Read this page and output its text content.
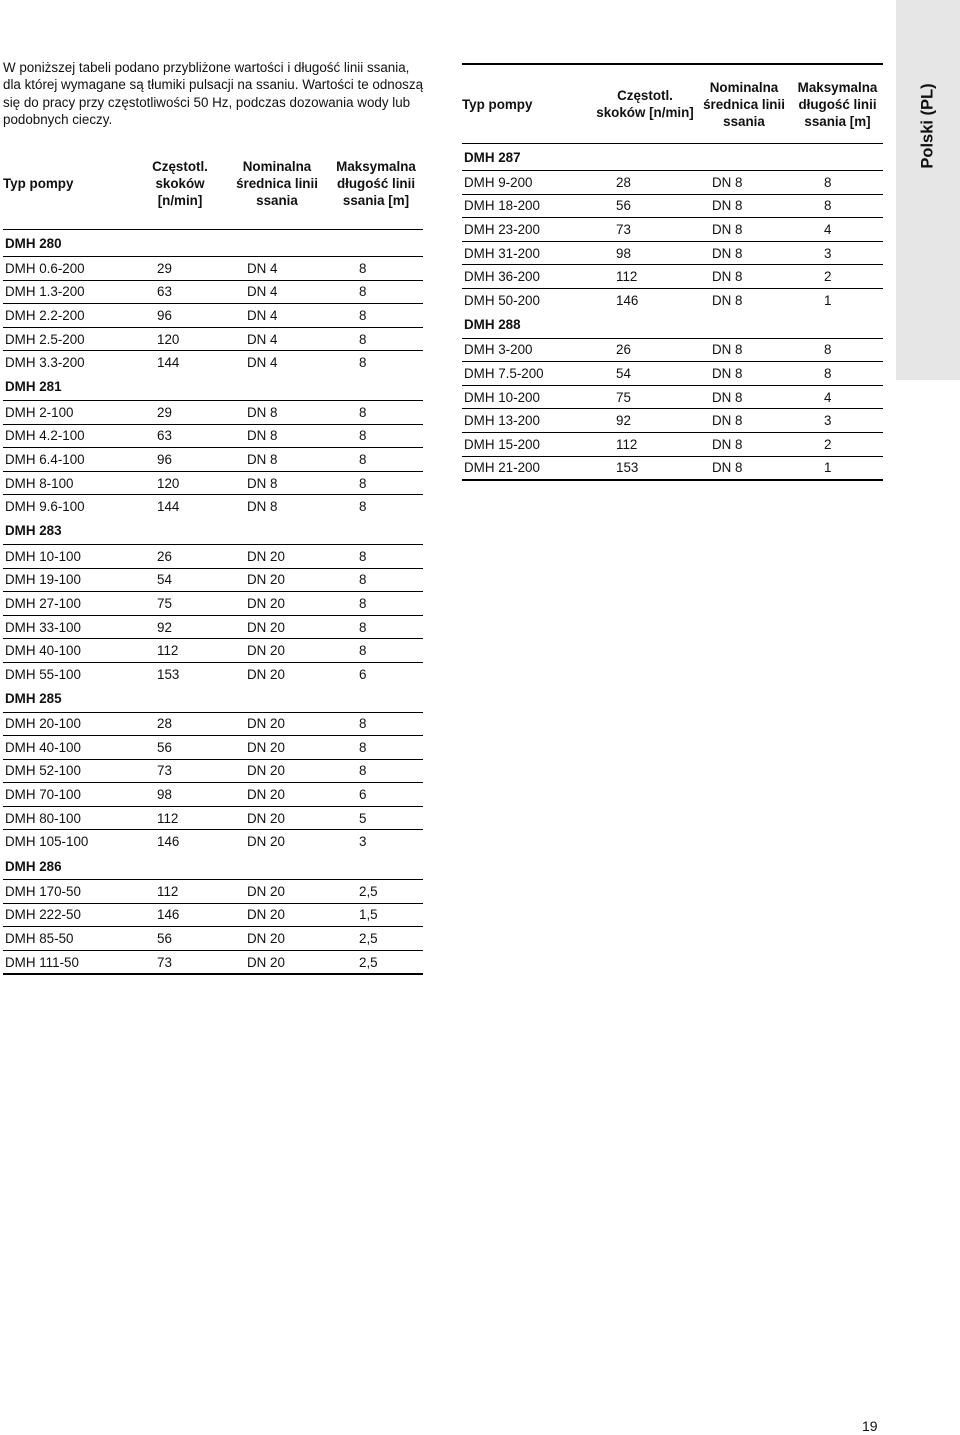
W poniższej tabeli podano przybliżone wartości i długość linii ssania, dla której wymagane są tłumiki pulsacji na ssaniu. Wartości te odnoszą się do pracy przy częstotliwości 50 Hz, podczas dozowania wody lub podobnych cieczy.
Typ pompy	Częstotl. skoków [n/min]	Nominalna średnica linii ssania	Maksymalna długość linii ssania [m]
DMH 280			
DMH 0.6-200	29	DN 4	8
DMH 1.3-200	63	DN 4	8
DMH 2.2-200	96	DN 4	8
DMH 2.5-200	120	DN 4	8
DMH 3.3-200	144	DN 4	8
DMH 281			
DMH 2-100	29	DN 8	8
DMH 4.2-100	63	DN 8	8
DMH 6.4-100	96	DN 8	8
DMH 8-100	120	DN 8	8
DMH 9.6-100	144	DN 8	8
DMH 283			
DMH 10-100	26	DN 20	8
DMH 19-100	54	DN 20	8
DMH 27-100	75	DN 20	8
DMH 33-100	92	DN 20	8
DMH 40-100	112	DN 20	8
DMH 55-100	153	DN 20	6
DMH 285			
DMH 20-100	28	DN 20	8
DMH 40-100	56	DN 20	8
DMH 52-100	73	DN 20	8
DMH 70-100	98	DN 20	6
DMH 80-100	112	DN 20	5
DMH 105-100	146	DN 20	3
DMH 286			
DMH 170-50	112	DN 20	2,5
DMH 222-50	146	DN 20	1,5
DMH 85-50	56	DN 20	2,5
DMH 111-50	73	DN 20	2,5
Typ pompy	Częstotl. skoków [n/min]	Nominalna średnica linii ssania	Maksymalna długość linii ssania [m]
DMH 287			
DMH 9-200	28	DN 8	8
DMH 18-200	56	DN 8	8
DMH 23-200	73	DN 8	4
DMH 31-200	98	DN 8	3
DMH 36-200	112	DN 8	2
DMH 50-200	146	DN 8	1
DMH 288			
DMH 3-200	26	DN 8	8
DMH 7.5-200	54	DN 8	8
DMH 10-200	75	DN 8	4
DMH 13-200	92	DN 8	3
DMH 15-200	112	DN 8	2
DMH 21-200	153	DN 8	1
Polski (PL)
19
